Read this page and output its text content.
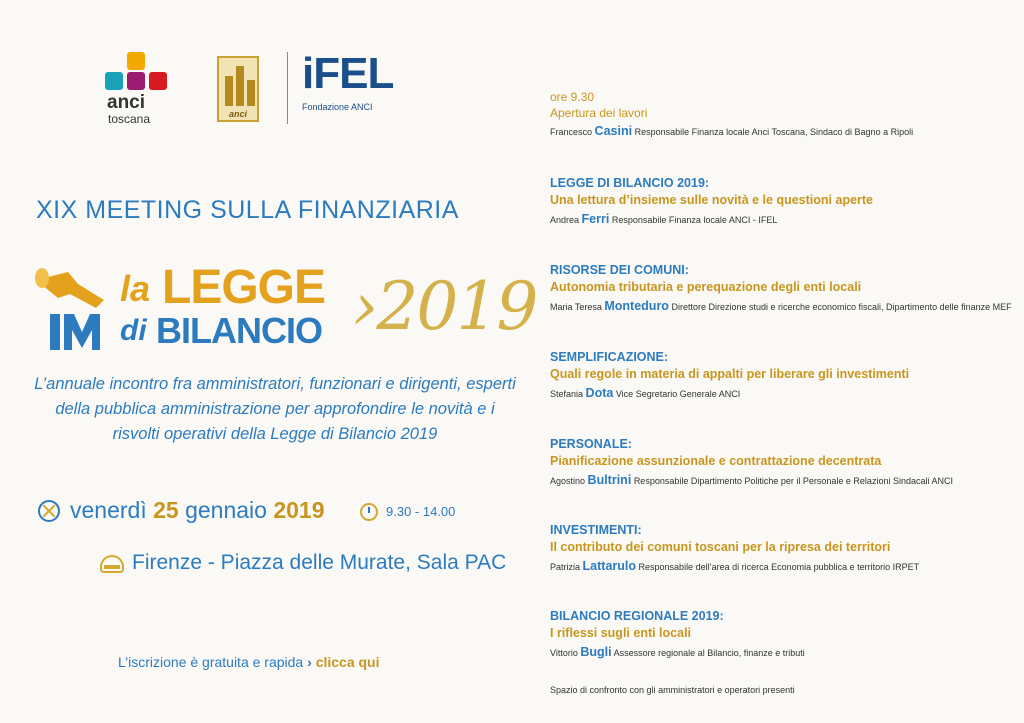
anci
toscana	anci
iFEL
Fondazione ANCI
XIX MEETING SULLA FINANZIARIA
la LEGGE
di BILANCIO ›2019
L’annuale incontro fra amministratori, funzionari e dirigenti, esperti della pubblica amministrazione per approfondire le novità e i risvolti operativi della Legge di Bilancio 2019
venerdì 25 gennaio 2019	9.30 - 14.00
Firenze - Piazza delle Murate, Sala PAC
L’iscrizione è gratuita e rapida › clicca qui
ore 9.30
Apertura dei lavori
Francesco Casini Responsabile Finanza locale Anci Toscana, Sindaco di Bagno a Ripoli
LEGGE DI BILANCIO 2019:
Una lettura d’insieme sulle novità e le questioni aperte
Andrea Ferri Responsabile Finanza locale ANCI - IFEL
RISORSE DEI COMUNI:
Autonomia tributaria e perequazione degli enti locali
Maria Teresa Monteduro Direttore Direzione studi e ricerche economico fiscali, Dipartimento delle finanze MEF
SEMPLIFICAZIONE:
Quali regole in materia di appalti per liberare gli investimenti
Stefania Dota Vice Segretario Generale ANCI
PERSONALE:
Pianificazione assunzionale e contrattazione decentrata
Agostino Bultrini Responsabile Dipartimento Politiche per il Personale e Relazioni Sindacali ANCI
INVESTIMENTI:
Il contributo dei comuni toscani per la ripresa dei territori
Patrizia Lattarulo Responsabile dell’area di ricerca Economia pubblica e territorio IRPET
BILANCIO REGIONALE 2019:
I riflessi sugli enti locali
Vittorio Bugli Assessore regionale al Bilancio, finanze e tributi
Spazio di confronto con gli amministratori e operatori presenti
